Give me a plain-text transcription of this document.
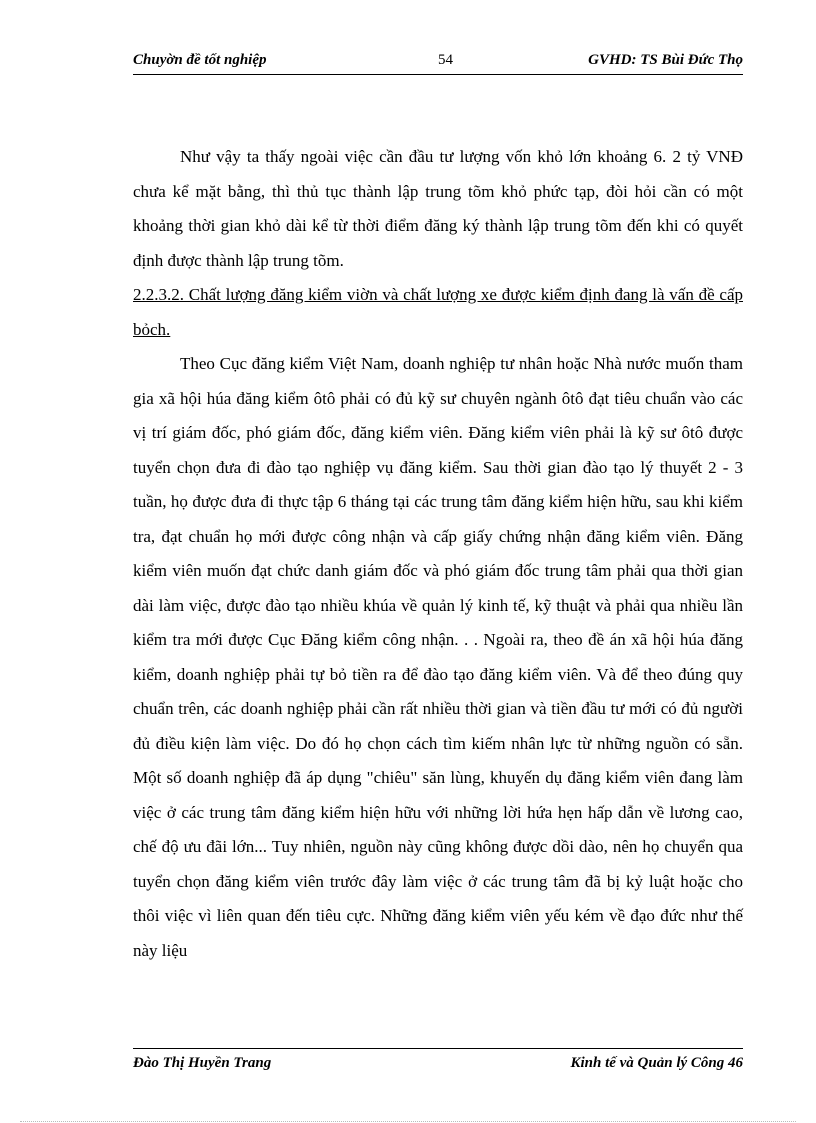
Chuyờn đề tốt nghiệp	54	GVHD: TS Bùi Đức Thọ

Như vậy ta thấy ngoài việc cần đầu tư lượng vốn khỏ lớn khoảng 6. 2 tỷ VNĐ chưa kể mặt bằng, thì thủ tục thành lập trung tõm khỏ phức tạp, đòi hỏi cần có một khoảng thời gian khỏ dài kể từ thời điểm đăng ký thành lập trung tõm đến khi có quyết định được thành lập trung tõm.

2.2.3.2. Chất lượng đăng kiểm viờn và chất lượng xe được kiểm định đang là vấn đề cấp bỏch.

Theo Cục đăng kiểm Việt Nam, doanh nghiệp tư nhân hoặc Nhà nước muốn tham gia xã hội húa đăng kiểm ôtô phải có đủ kỹ sư chuyên ngành ôtô đạt tiêu chuẩn vào các vị trí giám đốc, phó giám đốc, đăng kiểm viên. Đăng kiểm viên phải là kỹ sư ôtô được tuyển chọn đưa đi đào tạo nghiệp vụ đăng kiểm. Sau thời gian đào tạo lý thuyết 2 - 3 tuần, họ được đưa đi thực tập 6 tháng tại các trung tâm đăng kiểm hiện hữu, sau khi kiểm tra, đạt chuẩn họ mới được công nhận và cấp giấy chứng nhận đăng kiểm viên. Đăng kiểm viên muốn đạt chức danh giám đốc và phó giám đốc trung tâm phải qua thời gian dài làm việc, được đào tạo nhiều khúa về quản lý kinh tế, kỹ thuật và phải qua nhiều lần kiểm tra mới được Cục Đăng kiểm công nhận. . . Ngoài ra, theo đề án xã hội húa đăng kiểm, doanh nghiệp phải tự bỏ tiền ra để đào tạo đăng kiểm viên. Và để theo đúng quy chuẩn trên, các doanh nghiệp phải cần rất nhiều thời gian và tiền đầu tư mới có đủ người đủ điều kiện làm việc. Do đó họ chọn cách tìm kiếm nhân lực từ những nguồn có sẵn. Một số doanh nghiệp đã áp dụng "chiêu" săn lùng, khuyến dụ đăng kiểm viên đang làm việc ở các trung tâm đăng kiểm hiện hữu với những lời hứa hẹn hấp dẫn về lương cao, chế độ ưu đãi lớn... Tuy nhiên, nguồn này cũng không được dồi dào, nên họ chuyển qua tuyển chọn đăng kiểm viên trước đây làm việc ở các trung tâm đã bị kỷ luật hoặc cho thôi việc vì liên quan đến tiêu cực. Những đăng kiểm viên yếu kém về đạo đức như thế này liệu

Đào Thị Huyền Trang	Kinh tế và Quản lý Công 46
